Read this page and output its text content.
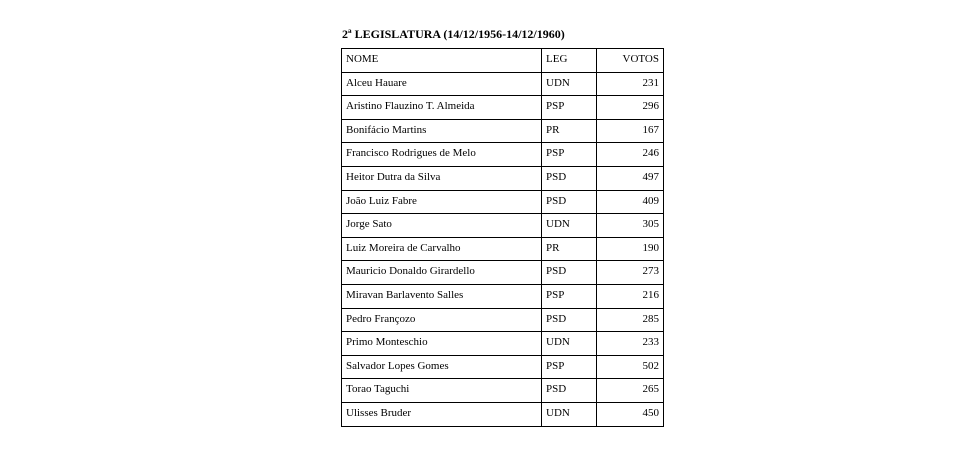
2ª LEGISLATURA (14/12/1956-14/12/1960)
NOME	LEG	VOTOS
Alceu Hauare	UDN	231
Aristino Flauzino T. Almeida	PSP	296
Bonifácio Martins	PR	167
Francisco Rodrigues de Melo	PSP	246
Heitor Dutra da Silva	PSD	497
João Luiz Fabre	PSD	409
Jorge Sato	UDN	305
Luiz Moreira de Carvalho	PR	190
Mauricio Donaldo Girardello	PSD	273
Miravan Barlavento Salles	PSP	216
Pedro Françozo	PSD	285
Primo Monteschio	UDN	233
Salvador Lopes Gomes	PSP	502
Torao Taguchi	PSD	265
Ulisses Bruder	UDN	450
